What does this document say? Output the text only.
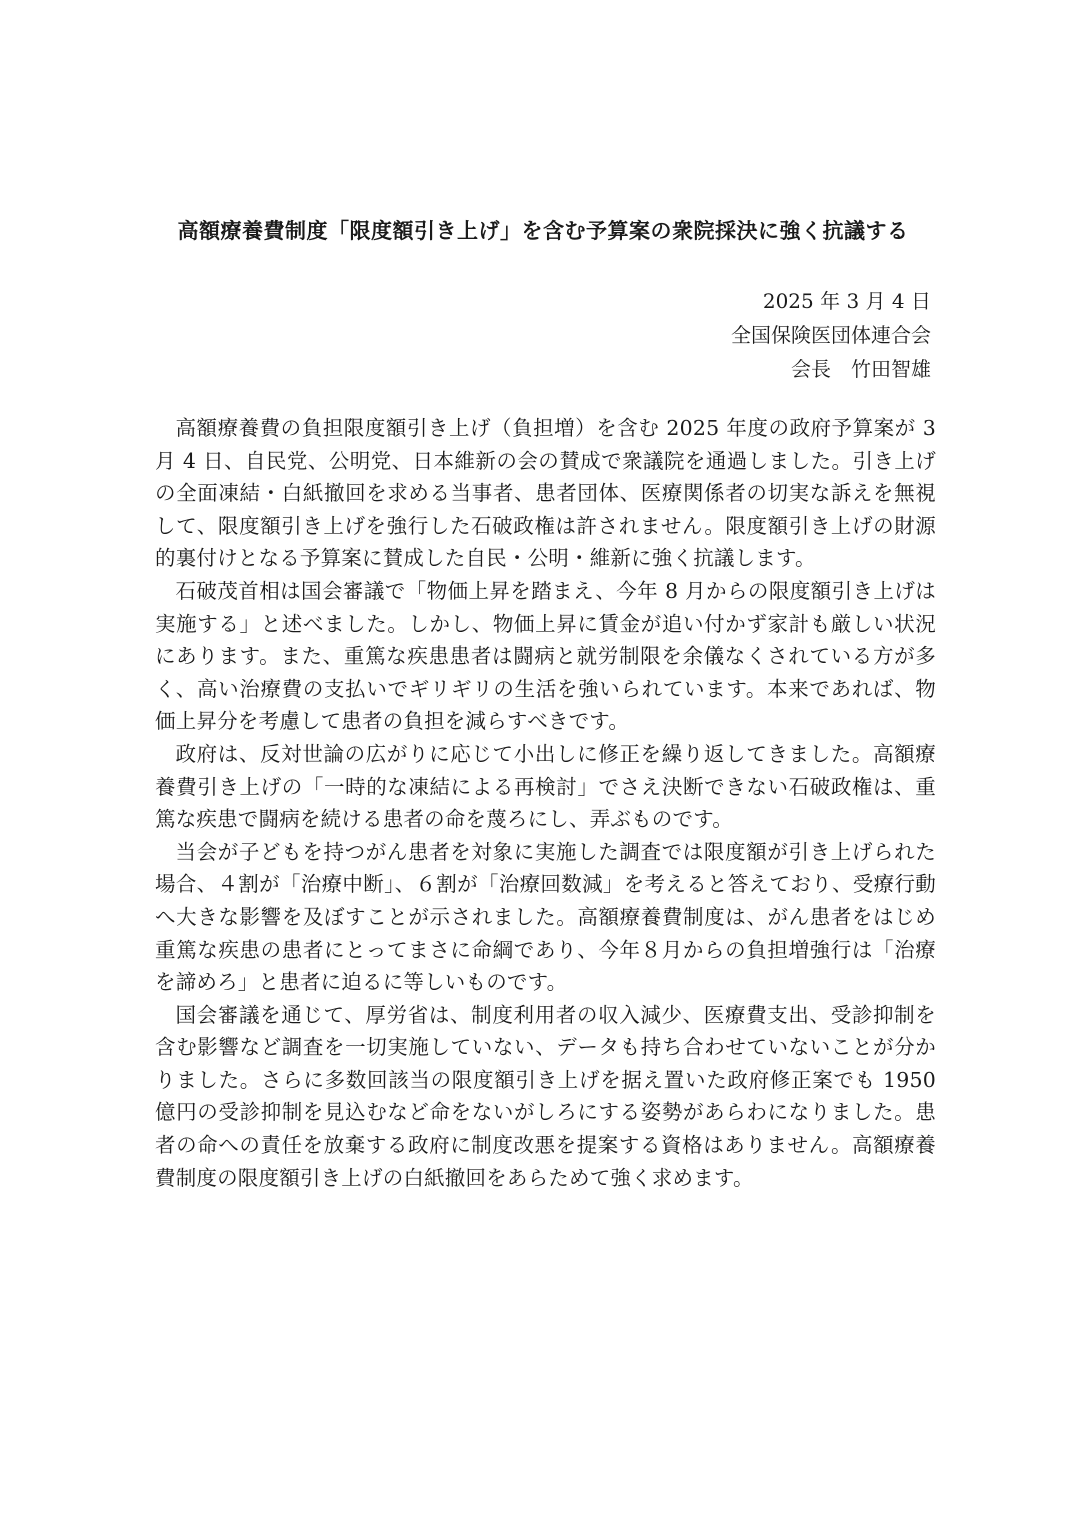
高額療養費制度「限度額引き上げ」を含む予算案の衆院採決に強く抗議する
2025 年 3 月 4 日
全国保険医団体連合会
会長　竹田智雄

高額療養費の負担限度額引き上げ（負担増）を含む 2025 年度の政府予算案が 3 月 4 日、自民党、公明党、日本維新の会の賛成で衆議院を通過しました。引き上げの全面凍結・白紙撤回を求める当事者、患者団体、医療関係者の切実な訴えを無視して、限度額引き上げを強行した石破政権は許されません。限度額引き上げの財源的裏付けとなる予算案に賛成した自民・公明・維新に強く抗議します。

石破茂首相は国会審議で「物価上昇を踏まえ、今年 8 月からの限度額引き上げは実施する」と述べました。しかし、物価上昇に賃金が追い付かず家計も厳しい状況にあります。また、重篤な疾患患者は闘病と就労制限を余儀なくされている方が多く、高い治療費の支払いでギリギリの生活を強いられています。本来であれば、物価上昇分を考慮して患者の負担を減らすべきです。

政府は、反対世論の広がりに応じて小出しに修正を繰り返してきました。高額療養費引き上げの「一時的な凍結による再検討」でさえ決断できない石破政権は、重篤な疾患で闘病を続ける患者の命を蔑ろにし、弄ぶものです。

当会が子どもを持つがん患者を対象に実施した調査では限度額が引き上げられた場合、４割が「治療中断」、６割が「治療回数減」を考えると答えており、受療行動へ大きな影響を及ぼすことが示されました。高額療養費制度は、がん患者をはじめ重篤な疾患の患者にとってまさに命綱であり、今年８月からの負担増強行は「治療を諦めろ」と患者に迫るに等しいものです。

国会審議を通じて、厚労省は、制度利用者の収入減少、医療費支出、受診抑制を含む影響など調査を一切実施していない、データも持ち合わせていないことが分かりました。さらに多数回該当の限度額引き上げを据え置いた政府修正案でも 1950 億円の受診抑制を見込むなど命をないがしろにする姿勢があらわになりました。患者の命への責任を放棄する政府に制度改悪を提案する資格はありません。高額療養費制度の限度額引き上げの白紙撤回をあらためて強く求めます。
